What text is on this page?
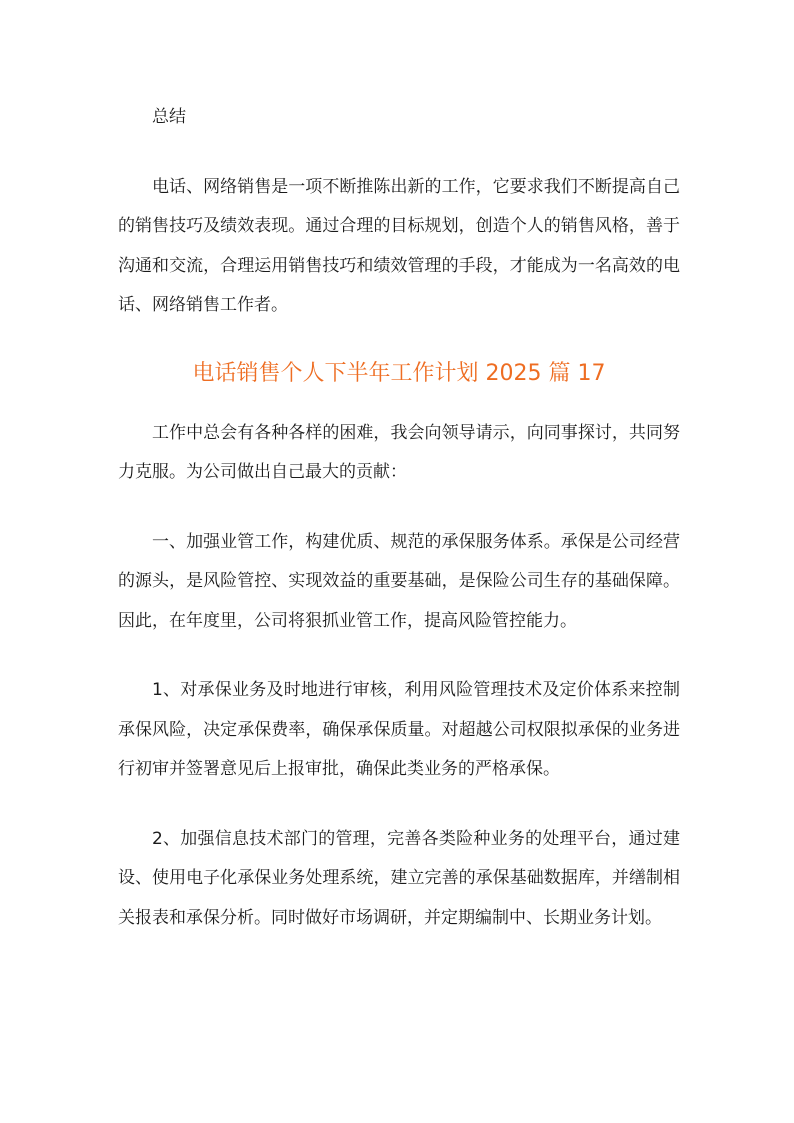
总结

电话、网络销售是一项不断推陈出新的工作，它要求我们不断提高自己的销售技巧及绩效表现。通过合理的目标规划，创造个人的销售风格，善于沟通和交流，合理运用销售技巧和绩效管理的手段，才能成为一名高效的电话、网络销售工作者。

电话销售个人下半年工作计划 2025 篇 17

工作中总会有各种各样的困难，我会向领导请示，向同事探讨，共同努力克服。为公司做出自己最大的贡献：

一、加强业管工作，构建优质、规范的承保服务体系。承保是公司经营的源头，是风险管控、实现效益的重要基础，是保险公司生存的基础保障。因此，在年度里，公司将狠抓业管工作，提高风险管控能力。

1、对承保业务及时地进行审核，利用风险管理技术及定价体系来控制承保风险，决定承保费率，确保承保质量。对超越公司权限拟承保的业务进行初审并签署意见后上报审批，确保此类业务的严格承保。

2、加强信息技术部门的管理，完善各类险种业务的处理平台，通过建设、使用电子化承保业务处理系统，建立完善的承保基础数据库，并缮制相关报表和承保分析。同时做好市场调研，并定期编制中、长期业务计划。
